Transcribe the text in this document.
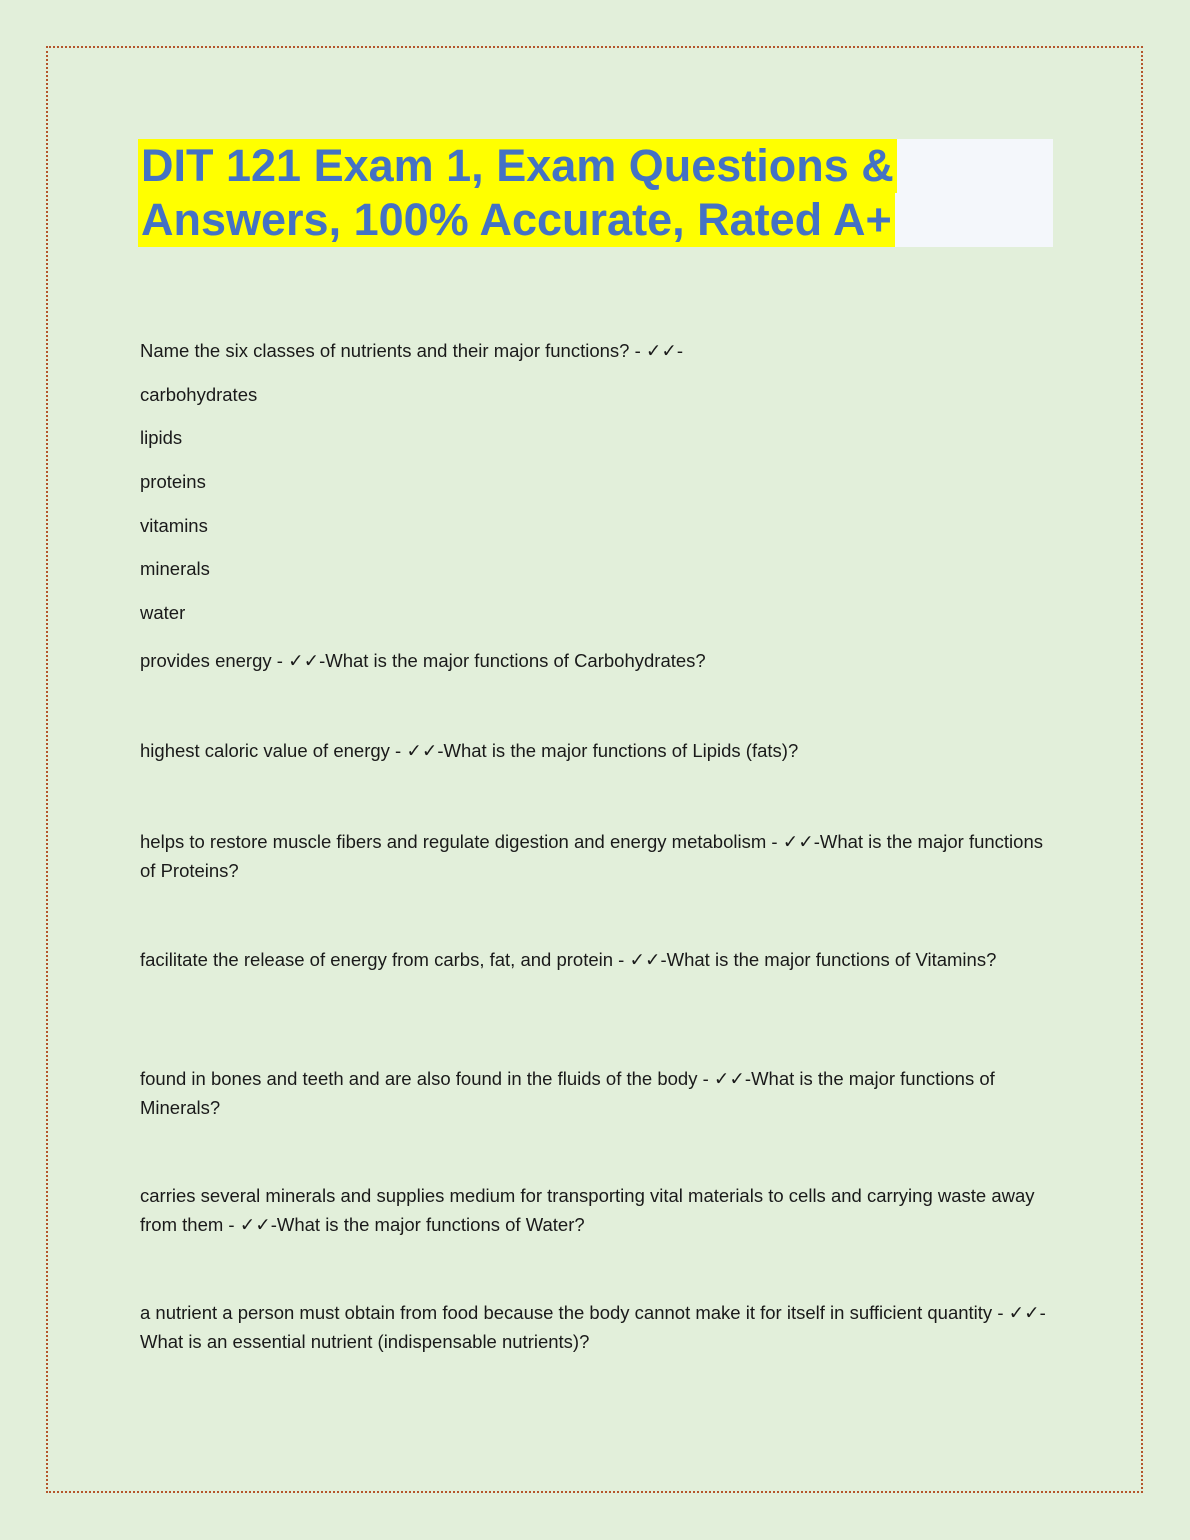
DIT 121 Exam 1, Exam Questions &
Answers, 100% Accurate, Rated A+
Name the six classes of nutrients and their major functions? - ✓✓-
carbohydrates
lipids
proteins
vitamins
minerals
water
provides energy - ✓✓-What is the major functions of Carbohydrates?
highest caloric value of energy - ✓✓-What is the major functions of Lipids (fats)?
helps to restore muscle fibers and regulate digestion and energy metabolism - ✓✓-What is the major functions of Proteins?
facilitate the release of energy from carbs, fat, and protein - ✓✓-What is the major functions of Vitamins?
found in bones and teeth and are also found in the fluids of the body - ✓✓-What is the major functions of Minerals?
carries several minerals and supplies medium for transporting vital materials to cells and carrying waste away from them - ✓✓-What is the major functions of Water?
a nutrient a person must obtain from food because the body cannot make it for itself in sufficient quantity - ✓✓-What is an essential nutrient (indispensable nutrients)?
